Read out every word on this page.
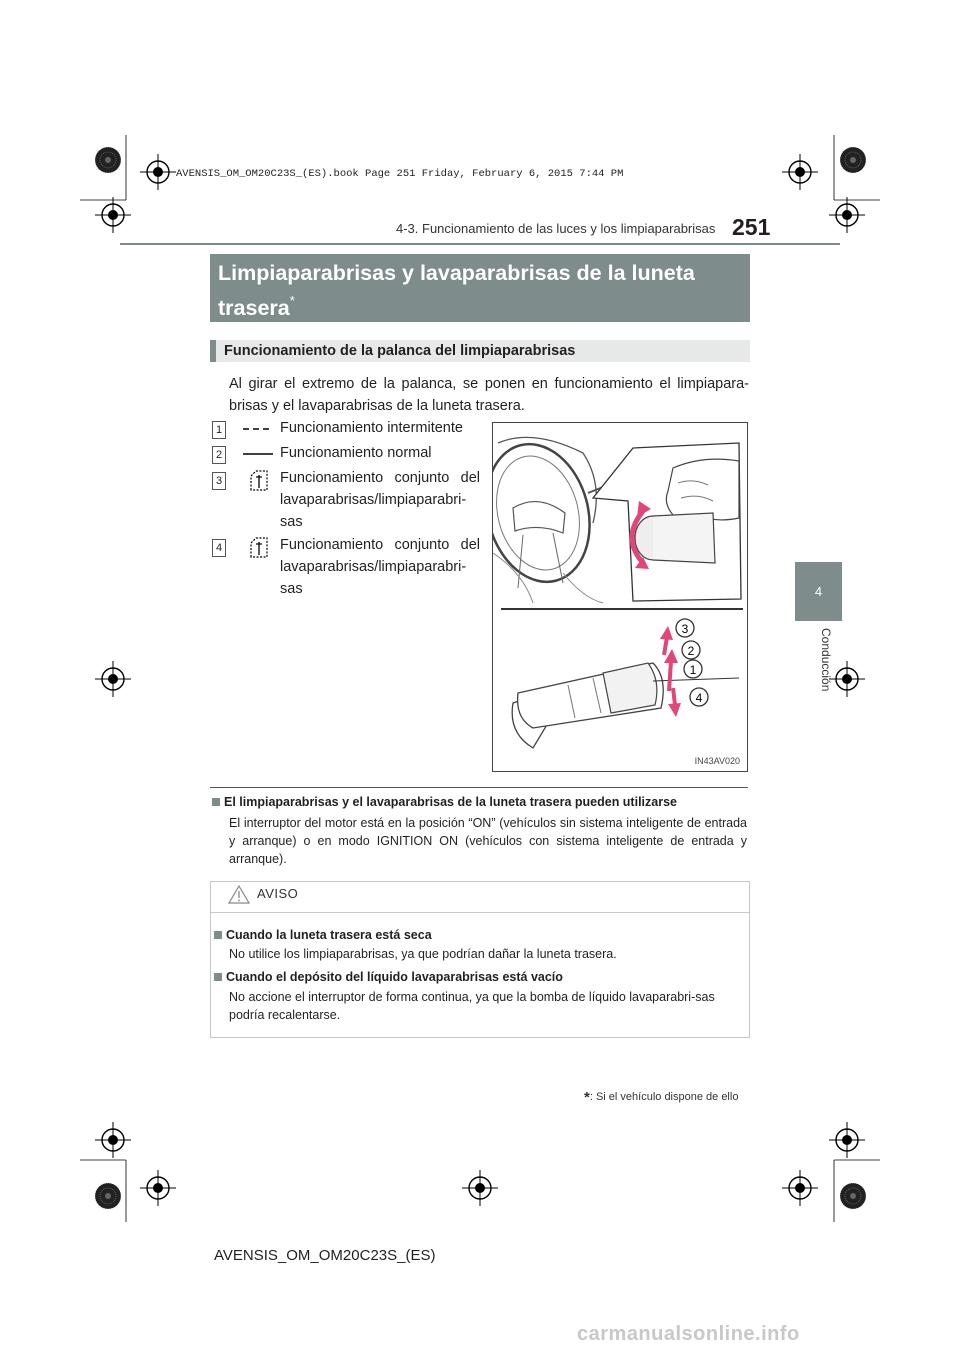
AVENSIS_OM_OM20C23S_(ES).book Page 251 Friday, February 6, 2015 7:44 PM
4-3. Funcionamiento de las luces y los limpiaparabrisas 251
4
Conducción
Limpiaparabrisas y lavaparabrisas de la luneta trasera*
Funcionamiento de la palanca del limpiaparabrisas
Al girar el extremo de la palanca, se ponen en funcionamiento el limpiapara-brisas y el lavaparabrisas de la luneta trasera.
1	Funcionamiento intermitente
2	Funcionamiento normal
3	Funcionamiento conjunto del lavaparabrisas/limpiaparabri-sas
4	Funcionamiento conjunto del lavaparabrisas/limpiaparabri-sas
3
2
1
4
IN43AV020
El limpiaparabrisas y el lavaparabrisas de la luneta trasera pueden utilizarse
El interruptor del motor está en la posición “ON” (vehículos sin sistema inteligente de entrada y arranque) o en modo IGNITION ON (vehículos con sistema inteligente de entrada y arranque).
AVISO
Cuando la luneta trasera está seca
No utilice los limpiaparabrisas, ya que podrían dañar la luneta trasera.
Cuando el depósito del líquido lavaparabrisas está vacío
No accione el interruptor de forma continua, ya que la bomba de líquido lavaparabri-sas podría recalentarse.
*: Si el vehículo dispone de ello
AVENSIS_OM_OM20C23S_(ES)
carmanualsonline.info
